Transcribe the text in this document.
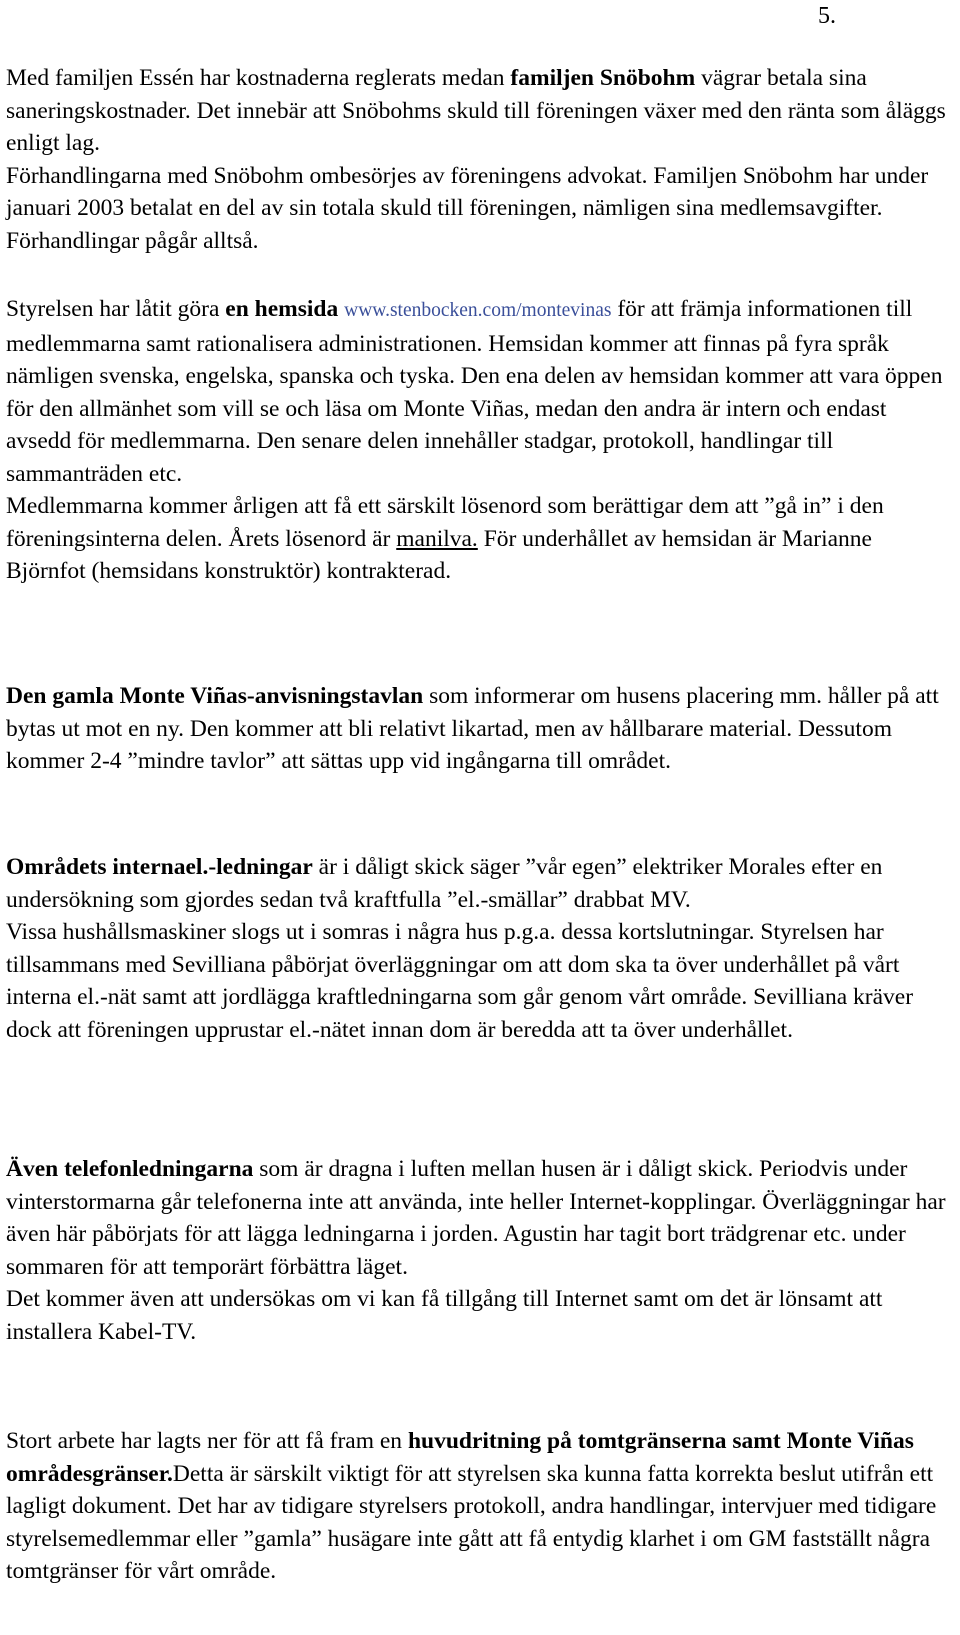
5.

Med familjen Essén har kostnaderna reglerats medan familjen Snöbohm vägrar betala sina saneringskostnader. Det innebär att Snöbohms skuld till föreningen växer med den ränta som åläggs enligt lag.
Förhandlingarna med Snöbohm ombesörjes av föreningens advokat. Familjen Snöbohm har under januari 2003 betalat en del av sin totala skuld till föreningen, nämligen sina medlemsavgifter. Förhandlingar pågår alltså.

Styrelsen har låtit göra en hemsida www.stenbocken.com/montevinas för att främja informationen till medlemmarna samt rationalisera administrationen. Hemsidan kommer att finnas på fyra språk nämligen svenska, engelska, spanska och tyska. Den ena delen av hemsidan kommer att vara öppen för den allmänhet som vill se och läsa om Monte Viñas, medan den andra är intern och endast avsedd för medlemmarna. Den senare delen innehåller stadgar, protokoll, handlingar till sammanträden etc.
Medlemmarna kommer årligen att få ett särskilt lösenord som berättigar dem att ”gå in” i den föreningsinterna delen. Årets lösenord är manilva. För underhållet av hemsidan är Marianne Björnfot (hemsidans konstruktör) kontrakterad.

Den gamla Monte Viñas-anvisningstavlan som informerar om husens placering mm. håller på att bytas ut mot en ny. Den kommer att bli relativt likartad, men av hållbarare material. Dessutom kommer 2-4 ”mindre tavlor” att sättas upp vid ingångarna till området.

Områdets internael.-ledningar är i dåligt skick säger ”vår egen” elektriker Morales efter en undersökning som gjordes sedan två kraftfulla ”el.-smällar” drabbat MV.
Vissa hushållsmaskiner slogs ut i somras i några hus p.g.a. dessa kortslutningar. Styrelsen har tillsammans med Sevilliana påbörjat överläggningar om att dom ska ta över underhållet på vårt interna el.-nät samt att jordlägga kraftledningarna som går genom vårt område. Sevilliana kräver dock att föreningen upprustar el.-nätet innan dom är beredda att ta över underhållet.

Även telefonledningarna som är dragna i luften mellan husen är i dåligt skick. Periodvis under vinterstormarna går telefonerna inte att använda, inte heller Internet-kopplingar. Överläggningar har även här påbörjats för att lägga ledningarna i jorden. Agustin har tagit bort trädgrenar etc. under sommaren för att temporärt förbättra läget.
Det kommer även att undersökas om vi kan få tillgång till Internet samt om det är lönsamt att installera Kabel-TV.

Stort arbete har lagts ner för att få fram en huvudritning på tomtgränserna samt Monte Viñas områdesgränser.Detta är särskilt viktigt för att styrelsen ska kunna fatta korrekta beslut utifrån ett lagligt dokument. Det har av tidigare styrelsers protokoll, andra handlingar, intervjuer med tidigare styrelsemedlemmar eller ”gamla” husägare inte gått att få entydig klarhet i om GM fastställt några tomtgränser för vårt område.
